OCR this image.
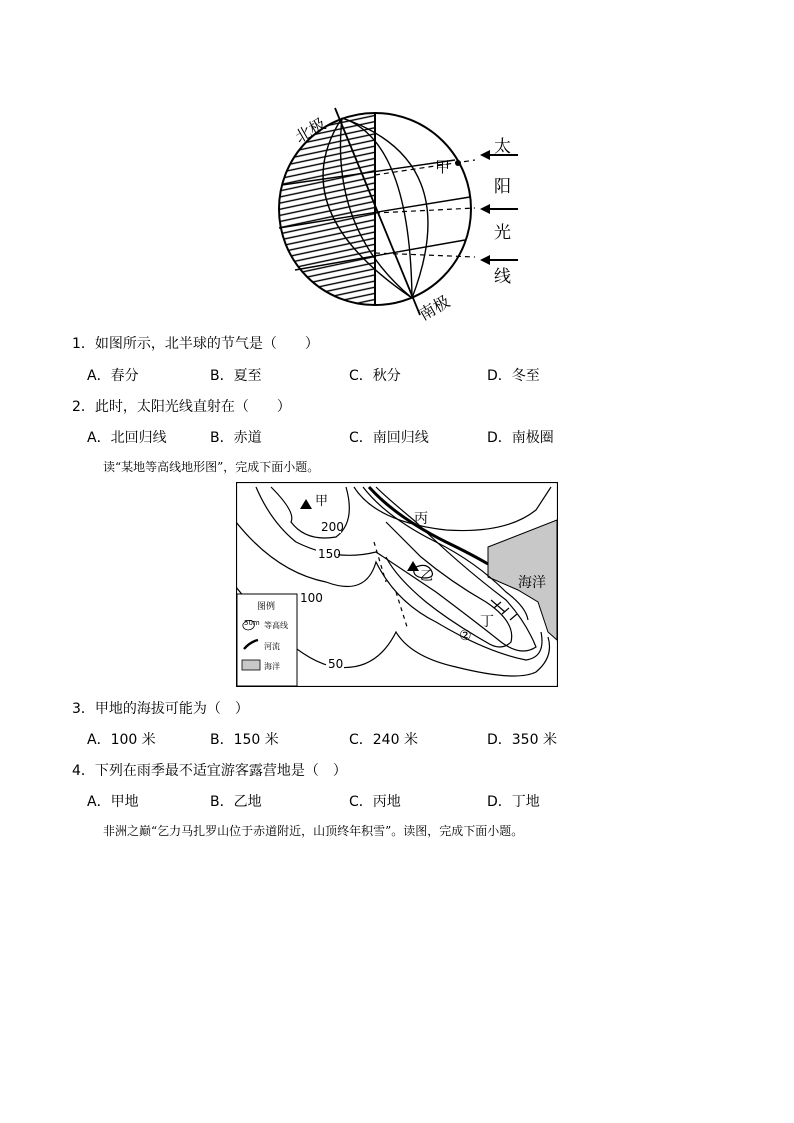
甲
北极
南极
太
阳
光
线
1．如图所示，北半球的节气是（　　）
A．春分	B．夏至	C．秋分	D．冬至
2．此时，太阳光线直射在（　　）
A．北回归线	B．赤道	C．南回归线	D．南极圈
读“某地等高线地形图”，完成下面小题。
甲
乙
丙
丁
②
海洋
200
150
100
50
图例
50m 等高线
河流
海洋
3．甲地的海拔可能为（　）
A．100 米	B．150 米	C．240 米	D．350 米
4．下列在雨季最不适宜游客露营地是（　）
A．甲地	B．乙地	C．丙地	D．丁地
非洲之巅“乞力马扎罗山位于赤道附近，山顶终年积雪”。读图，完成下面小题。
